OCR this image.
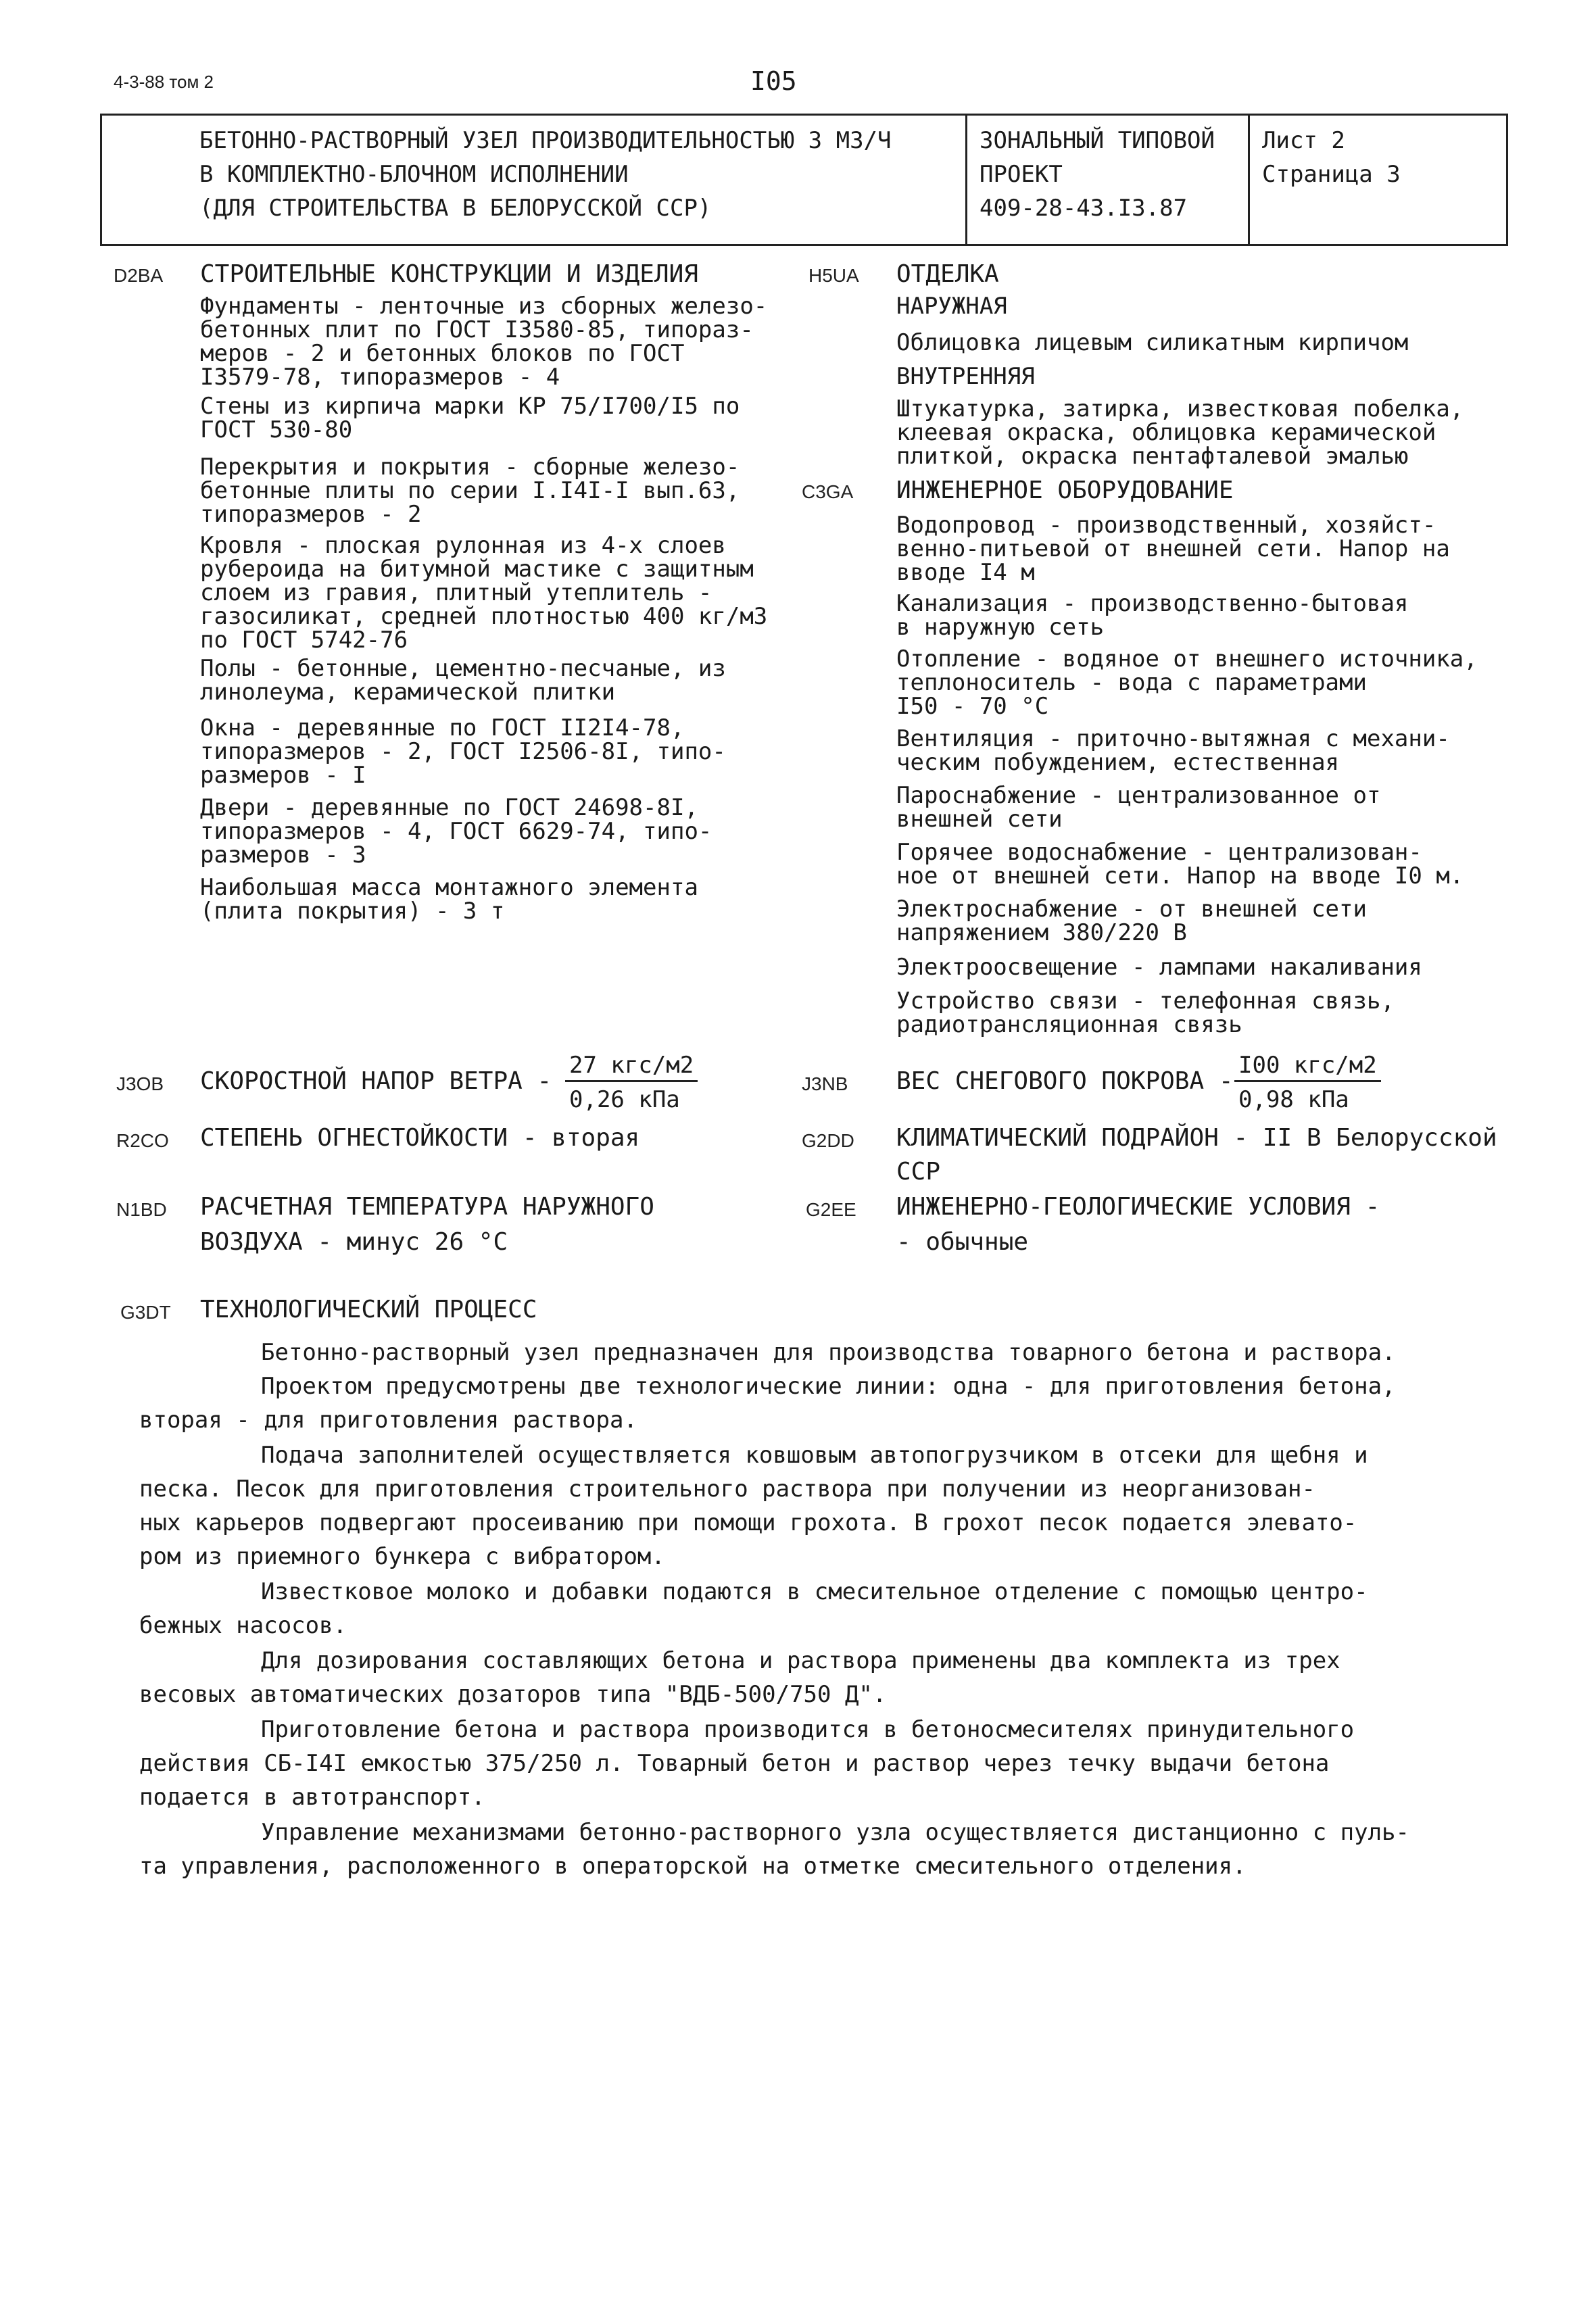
4-3-88 том 2	I05
БЕТОННО-РАСТВОРНЫЙ УЗЕЛ ПРОИЗВОДИТЕЛЬНОСТЬЮ 3 М3/Ч
В КОМПЛЕКТНО-БЛОЧНОМ ИСПОЛНЕНИИ
(ДЛЯ СТРОИТЕЛЬСТВА В БЕЛОРУССКОЙ ССР)
ЗОНАЛЬНЫЙ ТИПОВОЙ
ПРОЕКТ
409-28-43.I3.87
Лист 2
Страница 3
D2BA СТРОИТЕЛЬНЫЕ КОНСТРУКЦИИ И ИЗДЕЛИЯ
Фундаменты - ленточные из сборных железо-
бетонных плит по ГОСТ I3580-85, типораз-
меров - 2 и бетонных блоков по ГОСТ
I3579-78, типоразмеров - 4
Стены из кирпича марки КР 75/I700/I5 по
ГОСТ 530-80
Перекрытия и покрытия - сборные железо-
бетонные плиты по серии I.I4I-I вып.63,
типоразмеров - 2
Кровля - плоская рулонная из 4-х слоев
рубероида на битумной мастике с защитным
слоем из гравия, плитный утеплитель -
газосиликат, средней плотностью 400 кг/м3
по ГОСТ 5742-76
Полы - бетонные, цементно-песчаные, из
линолеума, керамической плитки
Окна - деревянные по ГОСТ II2I4-78,
типоразмеров - 2, ГОСТ I2506-8I, типо-
размеров - I
Двери - деревянные по ГОСТ 24698-8I,
типоразмеров - 4, ГОСТ 6629-74, типо-
размеров - 3
Наибольшая масса монтажного элемента
(плита покрытия) - 3 т
H5UA ОТДЕЛКА
НАРУЖНАЯ
Облицовка лицевым силикатным кирпичом
ВНУТРЕННЯЯ
Штукатурка, затирка, известковая побелка,
клеевая окраска, облицовка керамической
плиткой, окраска пентафталевой эмалью
C3GA ИНЖЕНЕРНОЕ ОБОРУДОВАНИЕ
Водопровод - производственный, хозяйст-
венно-питьевой от внешней сети. Напор на
вводе I4 м
Канализация - производственно-бытовая
в наружную сеть
Отопление - водяное от внешнего источника,
теплоноситель - вода с параметрами
I50 - 70 °С
Вентиляция - приточно-вытяжная с механи-
ческим побуждением, естественная
Пароснабжение - централизованное от
внешней сети
Горячее водоснабжение - централизован-
ное от внешней сети. Напор на вводе I0 м.
Электроснабжение - от внешней сети
напряжением 380/220 В
Электроосвещение - лампами накаливания
Устройство связи - телефонная связь,
радиотрансляционная связь
J3OB СКОРОСТНОЙ НАПОР ВЕТРА -
27 кгс/м2
0,26 кПа
J3NB ВЕС СНЕГОВОГО ПОКРОВА -
I00 кгс/м2
0,98 кПа
R2CO СТЕПЕНЬ ОГНЕСТОЙКОСТИ - вторая	G2DD КЛИМАТИЧЕСКИЙ ПОДРАЙОН - II В Белорусской
ССР
N1BD РАСЧЕТНАЯ ТЕМПЕРАТУРА НАРУЖНОГО
ВОЗДУХА - минус 26 °С
G2EE ИНЖЕНЕРНО-ГЕОЛОГИЧЕСКИЕ УСЛОВИЯ -
- обычные
G3DT ТЕХНОЛОГИЧЕСКИЙ ПРОЦЕСС
Бетонно-растворный узел предназначен для производства товарного бетона и раствора.
Проектом предусмотрены две технологические линии: одна - для приготовления бетона,
вторая - для приготовления раствора.
Подача заполнителей осуществляется ковшовым автопогрузчиком в отсеки для щебня и
песка. Песок для приготовления строительного раствора при получении из неорганизован-
ных карьеров подвергают просеиванию при помощи грохота. В грохот песок подается элевато-
ром из приемного бункера с вибратором.
Известковое молоко и добавки подаются в смесительное отделение с помощью центро-
бежных насосов.
Для дозирования составляющих бетона и раствора применены два комплекта из трех
весовых автоматических дозаторов типа "ВДБ-500/750 Д".
Приготовление бетона и раствора производится в бетоносмесителях принудительного
действия СБ-I4I емкостью 375/250 л. Товарный бетон и раствор через течку выдачи бетона
подается в автотранспорт.
Управление механизмами бетонно-растворного узла осуществляется дистанционно с пуль-
та управления, расположенного в операторской на отметке смесительного отделения.
